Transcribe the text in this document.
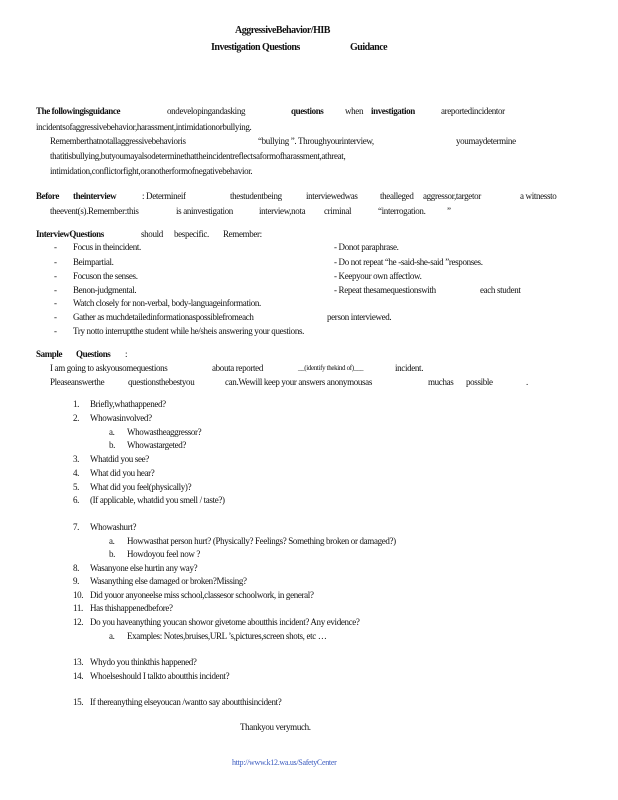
AggressiveBehavior/HIB
Investigation Questions	Guidance
The followingisguidance	ondevelopingandasking	questions when investigation	areportedincidentor
incidentsofaggressivebehavior,harassment,intimidationorbullying.
Rememberthatnotallaggressivebehavioris	“bullying ”. Throughyourinterview,	youmaydetermine
thatitisbullying,butyoumayalsodeterminethattheincidentreflectsaformofharassment,athreat,
intimidation,conflictorfight,oranotherformofnegativebehavior.
Before theinterview	: Determineif	thestudentbeing	interviewedwas thealleged aggressor,targetor	a witnessto
theevent(s).Remember:this	is aninvestigation	interview,nota criminal	“interrogation. ”
InterviewQuestions	should bespecific. Remember:
- Focus in theincident.
- Beimpartial.
- Focuson the senses.
- Benon-judgmental.
- Watch closely for non-verbal, body-languageinformation.
- Gather as muchdetailedinformationaspossiblefromeach	person interviewed.
- Try notto interruptthe student while he/sheis answering your questions.
- Donot paraphrase.
- Do not repeat “he -said-she-said ”responses.
- Keepyour own affectlow.
- Repeat thesamequestionswith	each student
Sample Questions :
I am going to askyousomequestions	abouta reported	__(identify thekind of)___	incident.
Pleaseanswerthe	questionsthebestyou	can.Wewill keep your answers anonymousas	muchas possible	.
1. Briefly,whathappened?
2. Whowasinvolved?
a. Whowastheaggressor?
b. Whowastargeted?
3. Whatdid you see?
4. What did you hear?
5. What did you feel(physically)?
6. (If applicable, whatdid you smell / taste?)
7. Whowashurt?
a. Howwasthat person hurt? (Physically? Feelings? Something broken or damaged?)
b. Howdoyou feel now ?
8. Wasanyone else hurtin any way?
9. Wasanything else damaged or broken?Missing?
10. Did youor anyoneelse miss school,classesor schoolwork, in general?
11. Has thishappenedbefore?
12. Do you haveanything youcan showor givetome aboutthis incident? Any evidence?
a. Examples: Notes,bruises,URL ’s,pictures,screen shots, etc …
13. Whydo you thinkthis happened?
14. Whoelseshould I talkto aboutthis incident?
15. If thereanything elseyoucan /wantto say aboutthisincident?
Thankyou verymuch.
http://www.k12.wa.us/SafetyCenter
